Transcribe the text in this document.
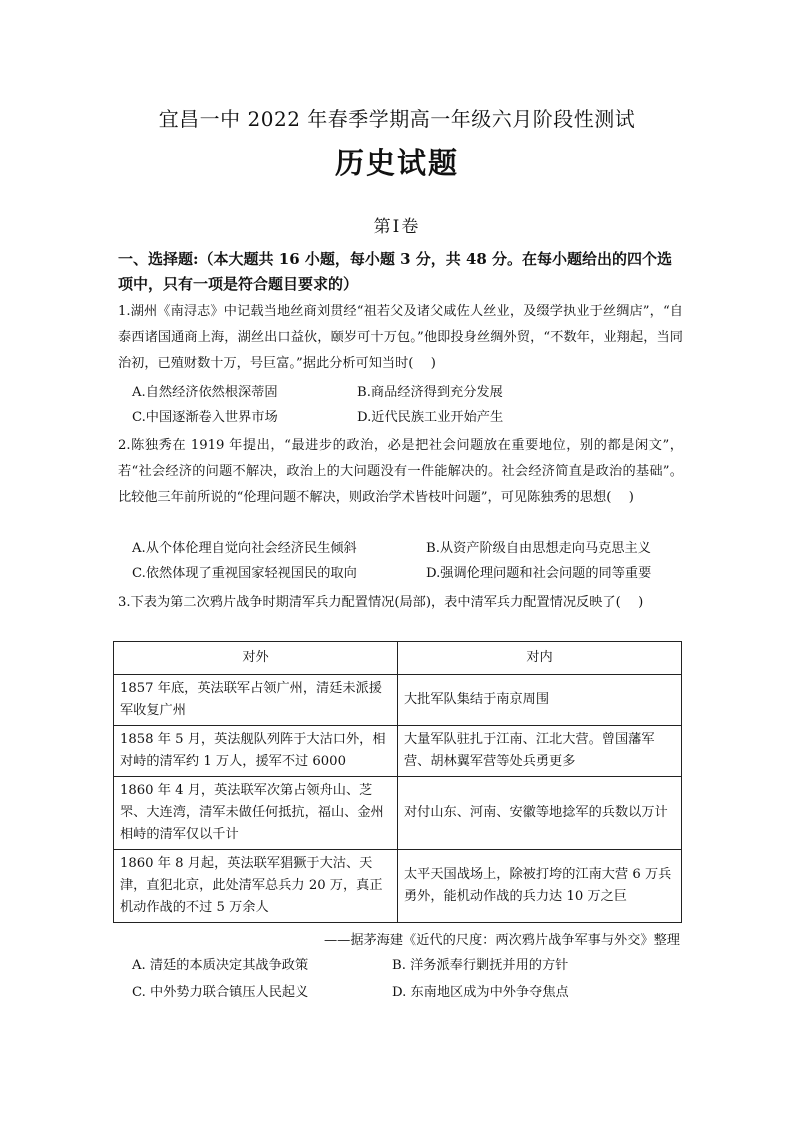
宜昌一中 2022 年春季学期高一年级六月阶段性测试
历史试题
第Ⅰ卷
一、选择题:（本大题共 16 小题，每小题 3 分，共 48 分。在每小题给出的四个选项中，只有一项是符合题目要求的）
1.湖州《南浔志》中记载当地丝商刘贯经“祖若父及诸父咸佐人丝业，及缀学执业于丝绸店”，“自泰西诸国通商上海，湖丝出口益伙，颐岁可十万包。”他即投身丝绸外贸，“不数年，业翔起，当同治初，已殖财数十万，号巨富。”据此分析可知当时(　 )
A.自然经济依然根深蒂固	B.商品经济得到充分发展
C.中国逐渐卷入世界市场	D.近代民族工业开始产生
2.陈独秀在 1919 年提出，“最进步的政治，必是把社会问题放在重要地位，别的都是闲文”，若“社会经济的问题不解决，政治上的大问题没有一件能解决的。社会经济简直是政治的基础”。比较他三年前所说的“伦理问题不解决，则政治学术皆枝叶问题”，可见陈独秀的思想(　 )
A.从个体伦理自觉向社会经济民生倾斜	B.从资产阶级自由思想走向马克思主义
C.依然体现了重视国家轻视国民的取向	D.强调伦理问题和社会问题的同等重要
3.下表为第二次鸦片战争时期清军兵力配置情况(局部)，表中清军兵力配置情况反映了(　 )
对外	对内
1857 年底，英法联军占领广州，清廷未派援军收复广州	大批军队集结于南京周围
1858 年 5 月，英法舰队列阵于大沽口外，相对峙的清军约 1 万人，援军不过 6000	大量军队驻扎于江南、江北大营。曾国藩军营、胡林翼军营等处兵勇更多
1860 年 4 月，英法联军次第占领舟山、芝罘、大连湾，清军未做任何抵抗，福山、金州相峙的清军仅以千计	对付山东、河南、安徽等地捻军的兵数以万计
1860 年 8 月起，英法联军猖獗于大沽、天津，直犯北京，此处清军总兵力 20 万，真正机动作战的不过 5 万余人	太平天国战场上，除被打垮的江南大营 6 万兵勇外，能机动作战的兵力达 10 万之巨
——据茅海建《近代的尺度：两次鸦片战争军事与外交》整理
A. 清廷的本质决定其战争政策	B. 洋务派奉行剿抚并用的方针
C. 中外势力联合镇压人民起义	D. 东南地区成为中外争夺焦点
